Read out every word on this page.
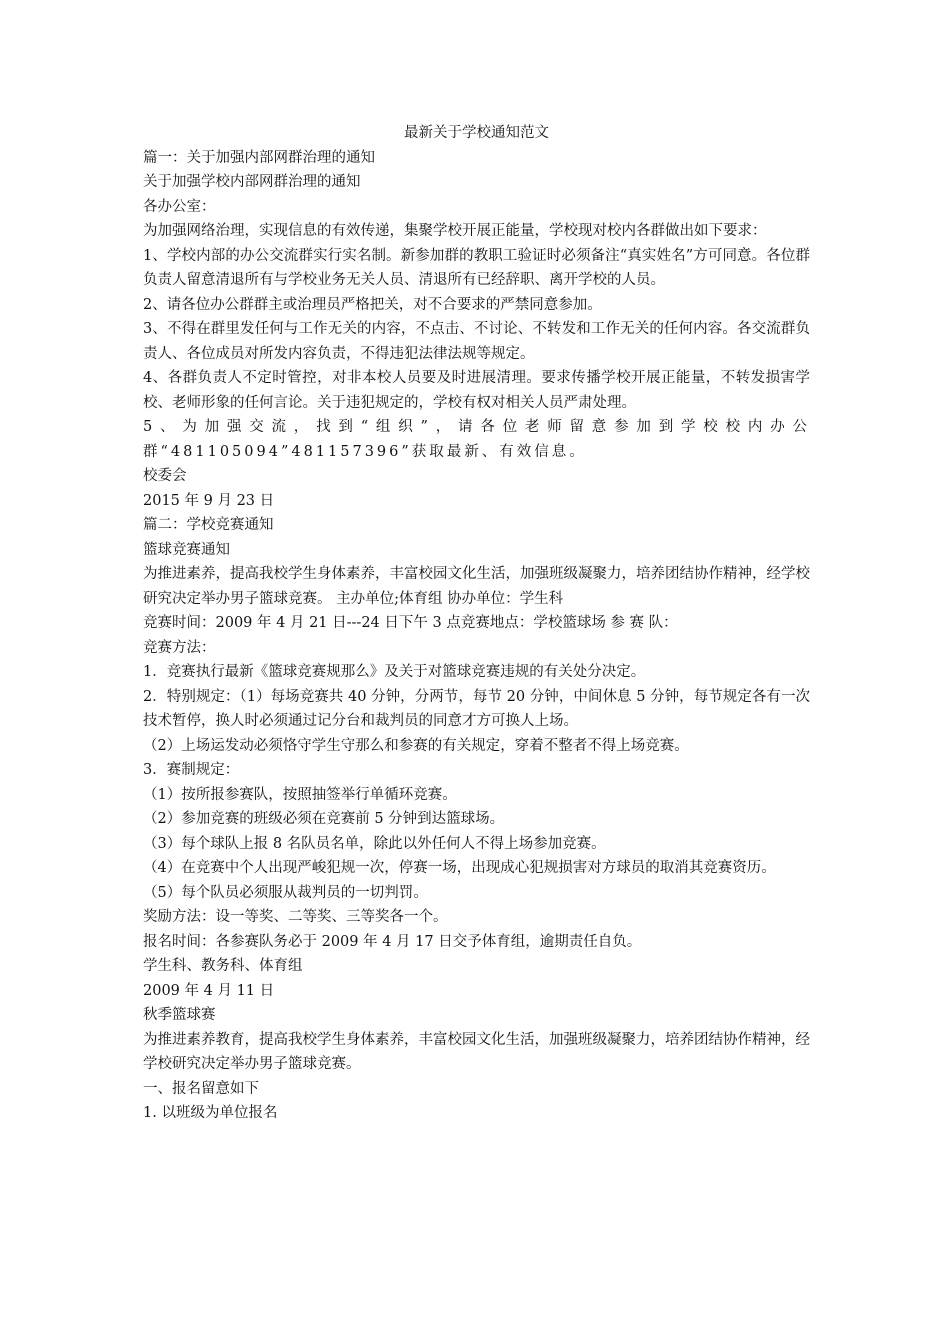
最新关于学校通知范文

篇一：关于加强内部网群治理的通知

关于加强学校内部网群治理的通知

各办公室：

为加强网络治理，实现信息的有效传递，集聚学校开展正能量，学校现对校内各群做出如下要求：

1、学校内部的办公交流群实行实名制。新参加群的教职工验证时必须备注“真实姓名”方可同意。各位群负责人留意清退所有与学校业务无关人员、清退所有已经辞职、离开学校的人员。

2、请各位办公群群主或治理员严格把关，对不合要求的严禁同意参加。

3、不得在群里发任何与工作无关的内容，不点击、不讨论、不转发和工作无关的任何内容。各交流群负责人、各位成员对所发内容负责，不得违犯法律法规等规定。

4、各群负责人不定时管控，对非本校人员要及时进展清理。要求传播学校开展正能量，不转发损害学校、老师形象的任何言论。关于违犯规定的，学校有权对相关人员严肃处理。

5、为加强交流，找到“组织”，请各位老师留意参加到学校校内办公群“481105094”481157396”获取最新、有效信息。

校委会

2015 年 9 月 23 日

篇二：学校竞赛通知

篮球竞赛通知

为推进素养，提高我校学生身体素养，丰富校园文化生活，加强班级凝聚力，培养团结协作精神，经学校研究决定举办男子篮球竞赛。 主办单位;体育组 协办单位：学生科

竞赛时间：2009 年 4 月 21 日---24 日下午 3 点竞赛地点：学校篮球场 参 赛 队：

竞赛方法：

1．竞赛执行最新《篮球竞赛规那么》及关于对篮球竞赛违规的有关处分决定。

2．特别规定：（1）每场竞赛共 40 分钟，分两节，每节 20 分钟，中间休息 5 分钟，每节规定各有一次技术暂停，换人时必须通过记分台和裁判员的同意才方可换人上场。

（2）上场运发动必须恪守学生守那么和参赛的有关规定，穿着不整者不得上场竞赛。

3．赛制规定：

（1）按所报参赛队，按照抽签举行单循环竞赛。

（2）参加竞赛的班级必须在竞赛前 5 分钟到达篮球场。

（3）每个球队上报 8 名队员名单，除此以外任何人不得上场参加竞赛。

（4）在竞赛中个人出现严峻犯规一次，停赛一场，出现成心犯规损害对方球员的取消其竞赛资历。

（5）每个队员必须服从裁判员的一切判罚。

奖励方法：设一等奖、二等奖、三等奖各一个。

报名时间：各参赛队务必于 2009 年 4 月 17 日交予体育组，逾期责任自负。

学生科、教务科、体育组

2009 年 4 月 11 日

秋季篮球赛

为推进素养教育，提高我校学生身体素养，丰富校园文化生活，加强班级凝聚力，培养团结协作精神，经学校研究决定举办男子篮球竞赛。

一、报名留意如下

1. 以班级为单位报名
